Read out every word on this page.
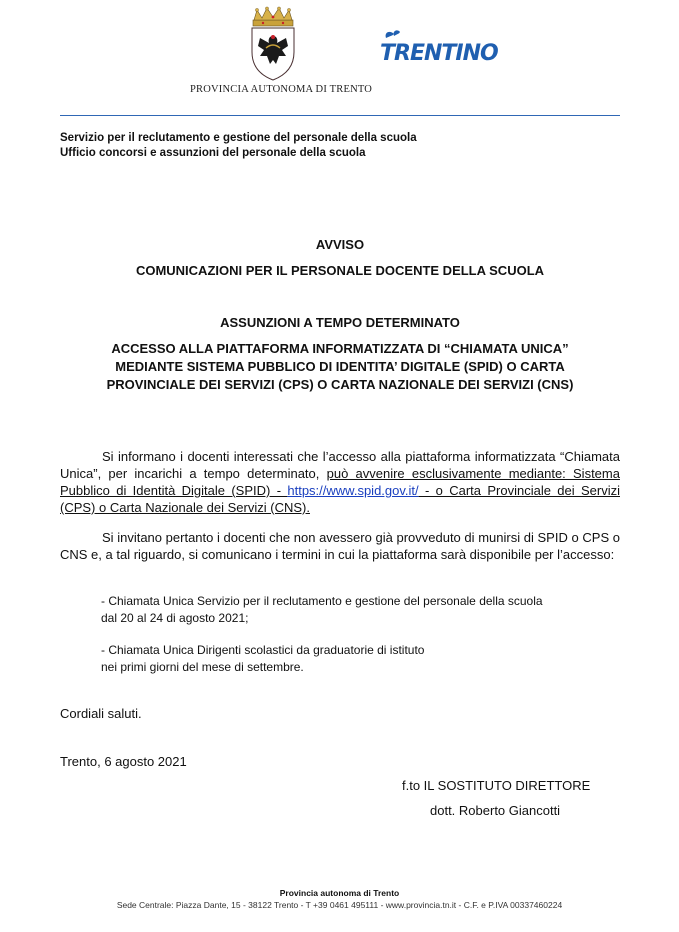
PROVINCIA AUTONOMA DI TRENTO
TRENTINO
Servizio per il reclutamento e gestione del personale della scuola
Ufficio concorsi e assunzioni del personale della scuola
AVVISO
COMUNICAZIONI PER IL PERSONALE DOCENTE DELLA SCUOLA
ASSUNZIONI A TEMPO DETERMINATO
ACCESSO ALLA PIATTAFORMA INFORMATIZZATA DI “CHIAMATA UNICA”
MEDIANTE SISTEMA PUBBLICO DI IDENTITA’ DIGITALE (SPID) O CARTA
PROVINCIALE DEI SERVIZI (CPS) O CARTA NAZIONALE DEI SERVIZI (CNS)
Si informano i docenti interessati che l’accesso alla piattaforma informatizzata “Chiamata Unica”, per incarichi a tempo determinato, può avvenire esclusivamente mediante: Sistema Pubblico di Identità Digitale (SPID) - https://www.spid.gov.it/ - o Carta Provinciale dei Servizi (CPS) o Carta Nazionale dei Servizi (CNS).
Si invitano pertanto i docenti che non avessero già provveduto di munirsi di SPID o CPS o CNS e, a tal riguardo, si comunicano i termini in cui la piattaforma sarà disponibile per l’accesso:
- Chiamata Unica Servizio per il reclutamento e gestione del personale della scuola
dal 20 al 24 di agosto 2021;
- Chiamata Unica Dirigenti scolastici da graduatorie di istituto
nei primi giorni del mese di settembre.
Cordiali saluti.
Trento, 6 agosto 2021
f.to IL SOSTITUTO DIRETTORE
dott. Roberto Giancotti
Provincia autonoma di Trento
Sede Centrale: Piazza Dante, 15 - 38122 Trento - T +39 0461 495111 - www.provincia.tn.it - C.F. e P.IVA 00337460224
